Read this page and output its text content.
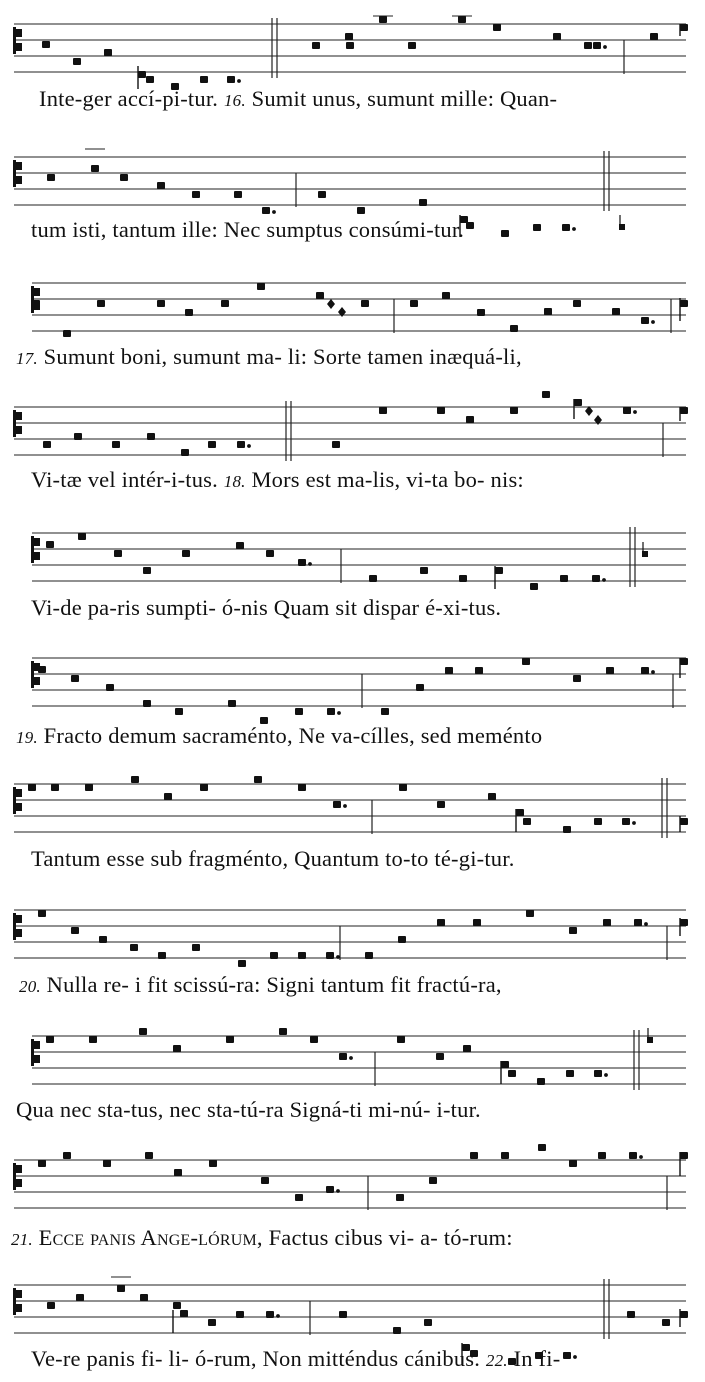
Inte-ger accí-pi-tur. 16. Sumit unus, sumunt mille: Quan-
tum isti, tantum ille: Nec sumptus consúmi-tur.
17. Sumunt boni, sumunt ma- li: Sorte tamen inæquá-li,
Vi-tæ vel intér-i-tus. 18. Mors est ma-lis, vi-ta bo- nis:
Vi-de pa-ris sumpti- ó-nis Quam sit dispar é-xi-tus.
19. Fracto demum sacraménto, Ne va-cílles, sed meménto
Tantum esse sub fragménto, Quantum to-to té-gi-tur.
20. Nulla re- i fit scissú-ra: Signi tantum fit fractú-ra,
Qua nec sta-tus, nec sta-tú-ra Signá-ti mi-nú- i-tur.
21. Ecce panis Ange-lórum, Factus cibus vi- a- tó-rum:
Ve-re panis fi- li- ó-rum, Non mitténdus cánibus. 22. In fi-
